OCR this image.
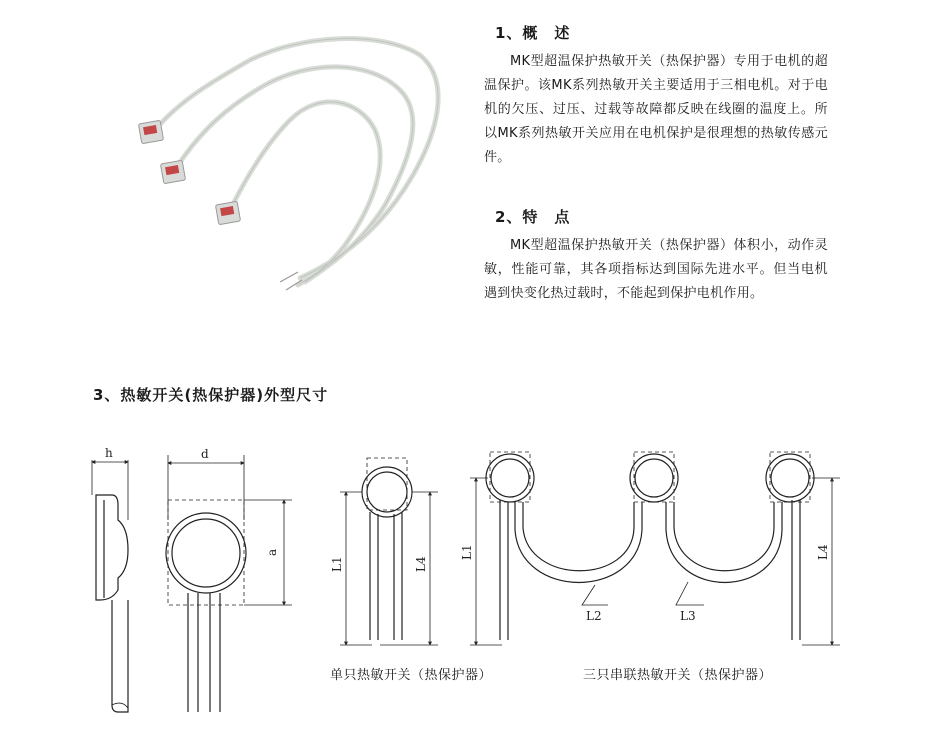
1、概　述
MK型超温保护热敏开关（热保护器）专用于电机的超温保护。该MK系列热敏开关主要适用于三相电机。对于电机的欠压、过压、过载等故障都反映在线圈的温度上。所以MK系列热敏开关应用在电机保护是很理想的热敏传感元件。
2、特　点
MK型超温保护热敏开关（热保护器）体积小，动作灵敏，性能可靠，其各项指标达到国际先进水平。但当电机遇到快变化热过载时，不能起到保护电机作用。
3、热敏开关(热保护器)外型尺寸
h	d
a
L1	L4
L1	L4
L2	L3
单只热敏开关（热保护器）	三只串联热敏开关（热保护器）
